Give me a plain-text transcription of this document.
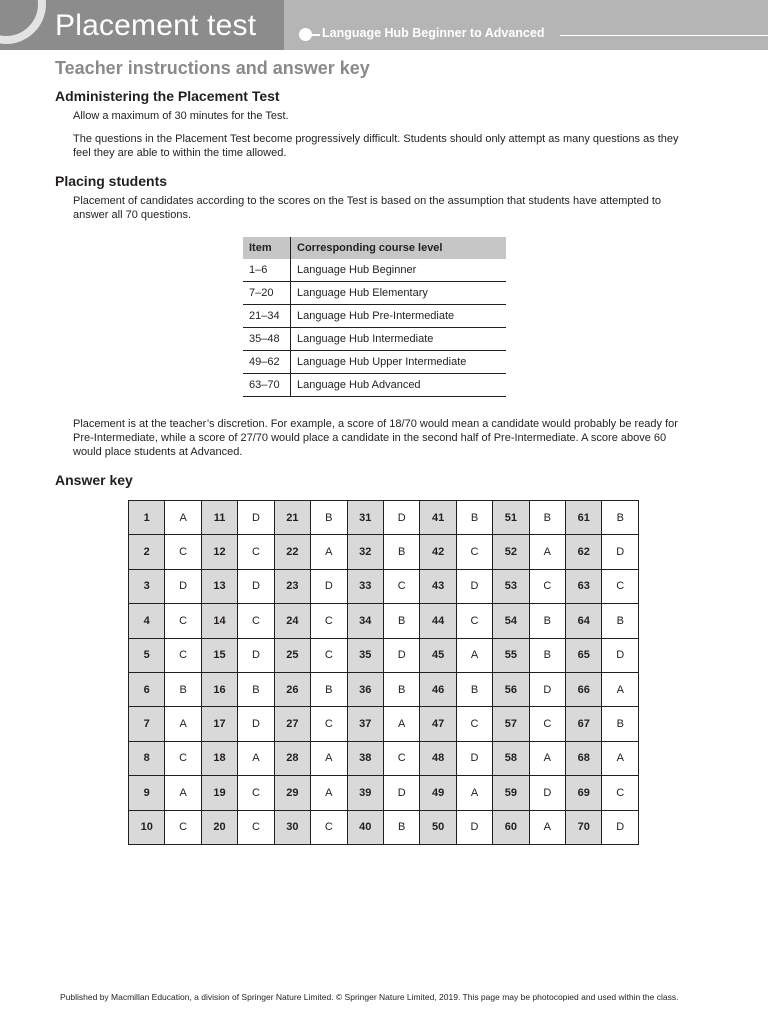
Placement test	Language Hub Beginner to Advanced
Teacher instructions and answer key
Administering the Placement Test

Allow a maximum of 30 minutes for the Test.

The questions in the Placement Test become progressively difficult. Students should only attempt as many questions as they feel they are able to within the time allowed.

Placing students

Placement of candidates according to the scores on the Test is based on the assumption that students have attempted to answer all 70 questions.

Item	Corresponding course level
1–6	Language Hub Beginner
7–20	Language Hub Elementary
21–34	Language Hub Pre-Intermediate
35–48	Language Hub Intermediate
49–62	Language Hub Upper Intermediate
63–70	Language Hub Advanced

Placement is at the teacher’s discretion. For example, a score of 18/70 would mean a candidate would probably be ready for Pre-Intermediate, while a score of 27/70 would place a candidate in the second half of Pre-Intermediate. A score above 60 would place students at Advanced.

Answer key
1	A	11	D	21	B	31	D	41	B	51	B	61	B
2	C	12	C	22	A	32	B	42	C	52	A	62	D
3	D	13	D	23	D	33	C	43	D	53	C	63	C
4	C	14	C	24	C	34	B	44	C	54	B	64	B
5	C	15	D	25	C	35	D	45	A	55	B	65	D
6	B	16	B	26	B	36	B	46	B	56	D	66	A
7	A	17	D	27	C	37	A	47	C	57	C	67	B
8	C	18	A	28	A	38	C	48	D	58	A	68	A
9	A	19	C	29	A	39	D	49	A	59	D	69	C
10	C	20	C	30	C	40	B	50	D	60	A	70	D

Published by Macmillan Education, a division of Springer Nature Limited. © Springer Nature Limited, 2019. This page may be photocopied and used within the class.
